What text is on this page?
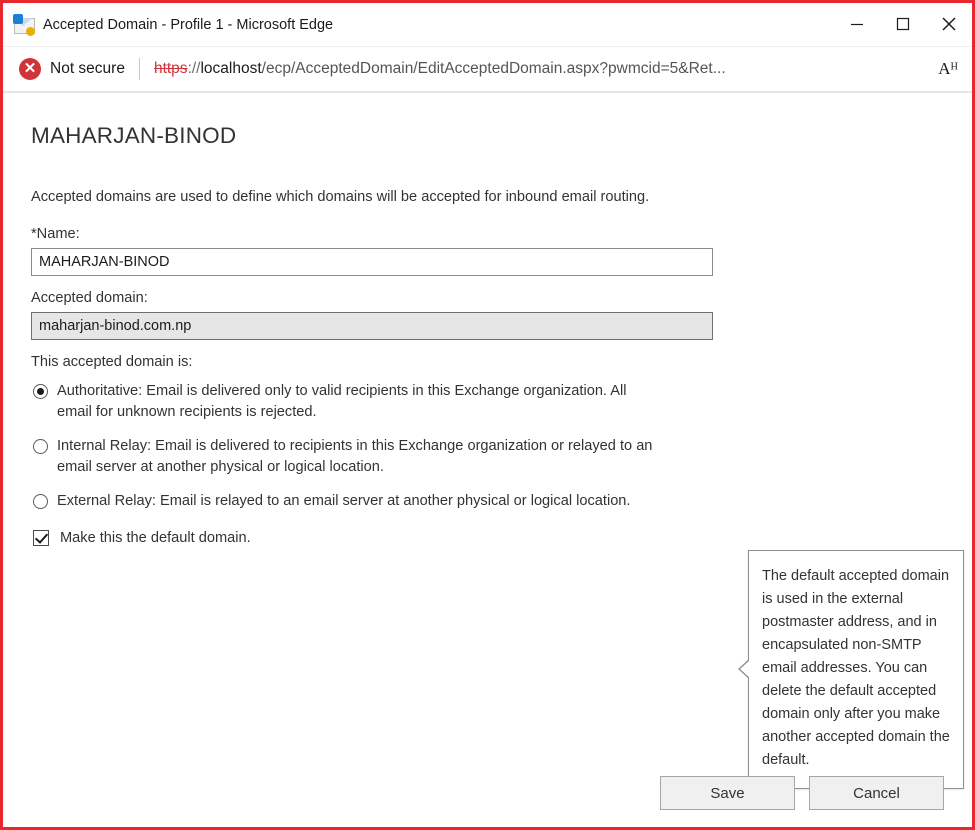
Accepted Domain - Profile 1 - Microsoft Edge
✕ Not secure https://localhost/ecp/AcceptedDomain/EditAcceptedDomain.aspx?pwmcid=5&Ret...	Aᴴ
MAHARJAN-BINOD
Accepted domains are used to define which domains will be accepted for inbound email routing.
*Name:
MAHARJAN-BINOD
Accepted domain:
maharjan-binod.com.np
This accepted domain is:
Authoritative: Email is delivered only to valid recipients in this Exchange organization. All email for unknown recipients is rejected.
Internal Relay: Email is delivered to recipients in this Exchange organization or relayed to an email server at another physical or logical location.
External Relay: Email is relayed to an email server at another physical or logical location.
Make this the default domain.
The default accepted domain is used in the external postmaster address, and in encapsulated non-SMTP email addresses. You can delete the default accepted domain only after you make another accepted domain the default.
Save	Cancel
